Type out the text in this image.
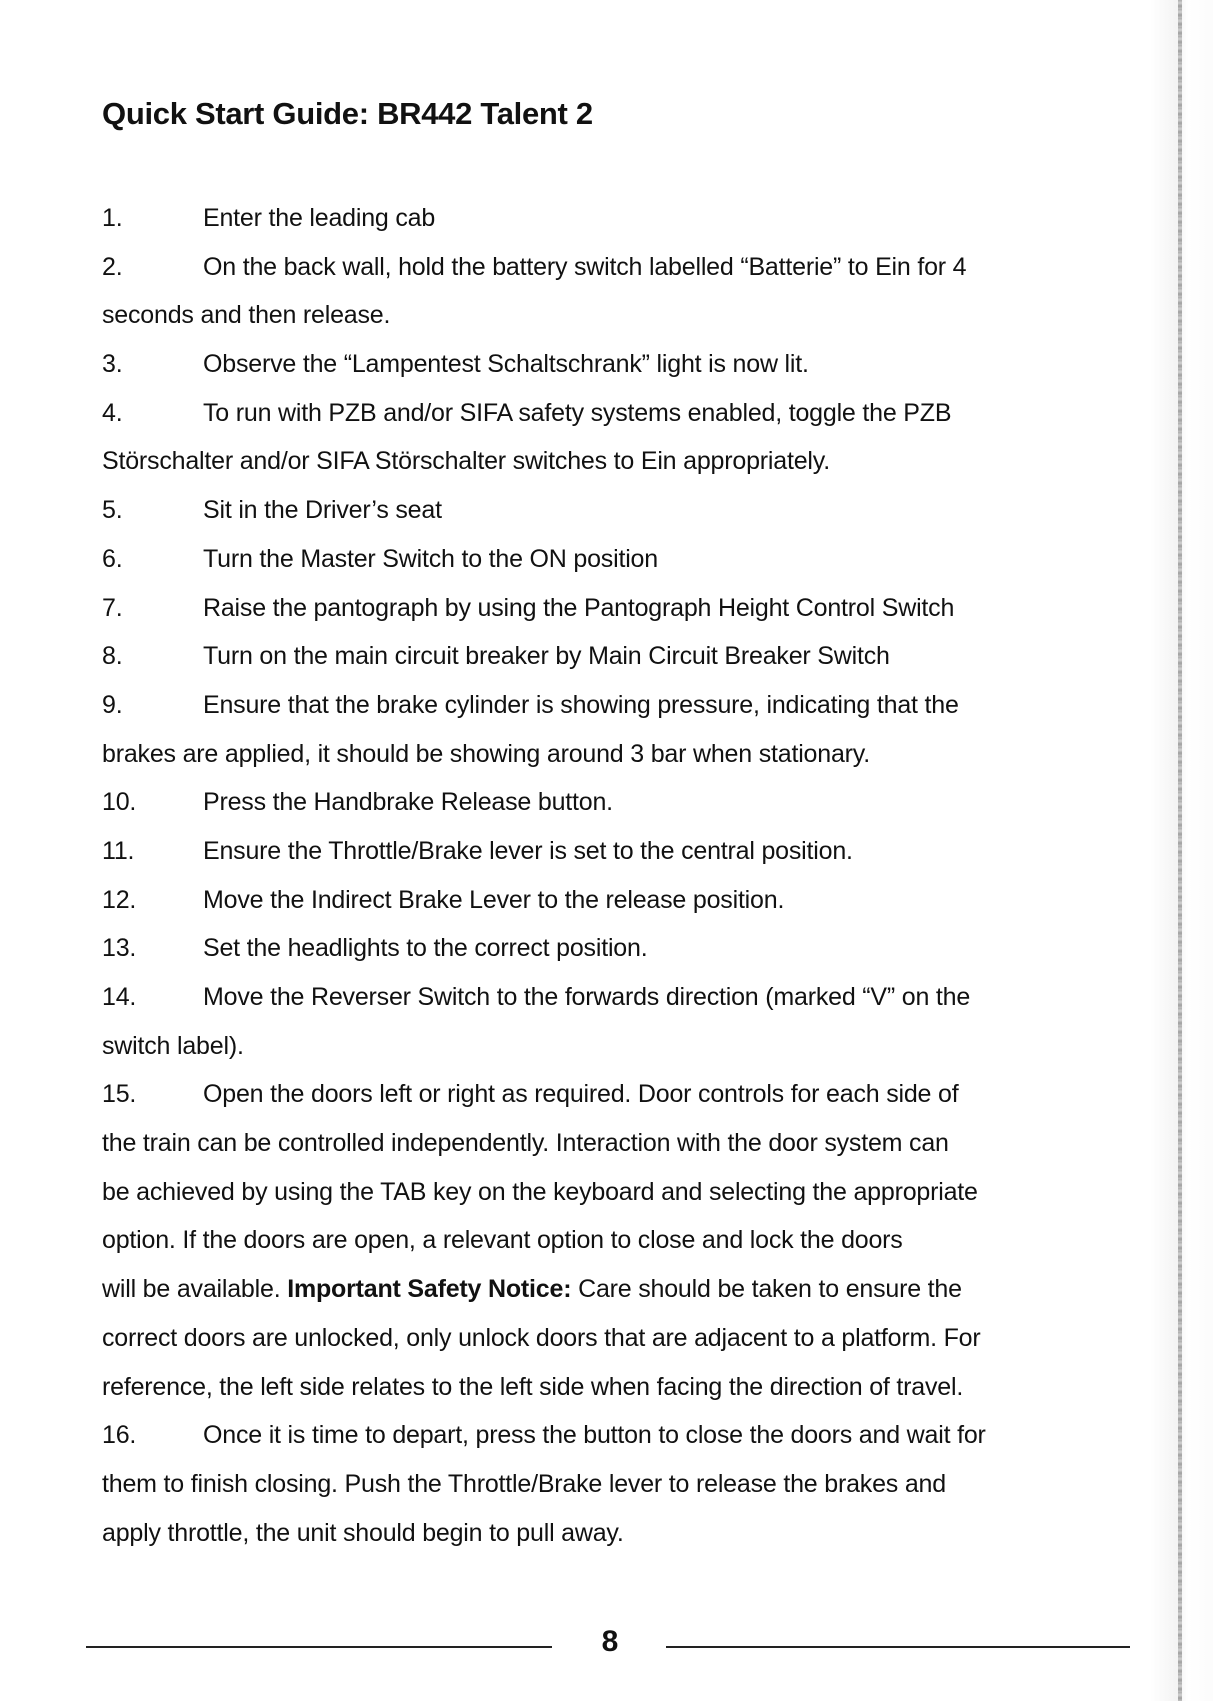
Quick Start Guide: BR442 Talent 2
1.	Enter the leading cab
2.	On the back wall, hold the battery switch labelled “Batterie” to Ein for 4
seconds and then release.
3.	Observe the “Lampentest Schaltschrank” light is now lit.
4.	To run with PZB and/or SIFA safety systems enabled, toggle the PZB
Störschalter and/or SIFA Störschalter switches to Ein appropriately.
5.	Sit in the Driver’s seat
6.	Turn the Master Switch to the ON position
7.	Raise the pantograph by using the Pantograph Height Control Switch
8.	Turn on the main circuit breaker by Main Circuit Breaker Switch
9.	Ensure that the brake cylinder is showing pressure, indicating that the
brakes are applied, it should be showing around 3 bar when stationary.
10.	Press the Handbrake Release button.
11.	Ensure the Throttle/Brake lever is set to the central position.
12.	Move the Indirect Brake Lever to the release position.
13.	Set the headlights to the correct position.
14.	Move the Reverser Switch to the forwards direction (marked “V” on the
switch label).
15.	Open the doors left or right as required. Door controls for each side of
the train can be controlled independently. Interaction with the door system can
be achieved by using the TAB key on the keyboard and selecting the appropriate
option. If the doors are open, a relevant option to close and lock the doors
will be available. Important Safety Notice: Care should be taken to ensure the
correct doors are unlocked, only unlock doors that are adjacent to a platform. For
reference, the left side relates to the left side when facing the direction of travel.
16.	Once it is time to depart, press the button to close the doors and wait for
them to finish closing. Push the Throttle/Brake lever to release the brakes and
apply throttle, the unit should begin to pull away.
8
